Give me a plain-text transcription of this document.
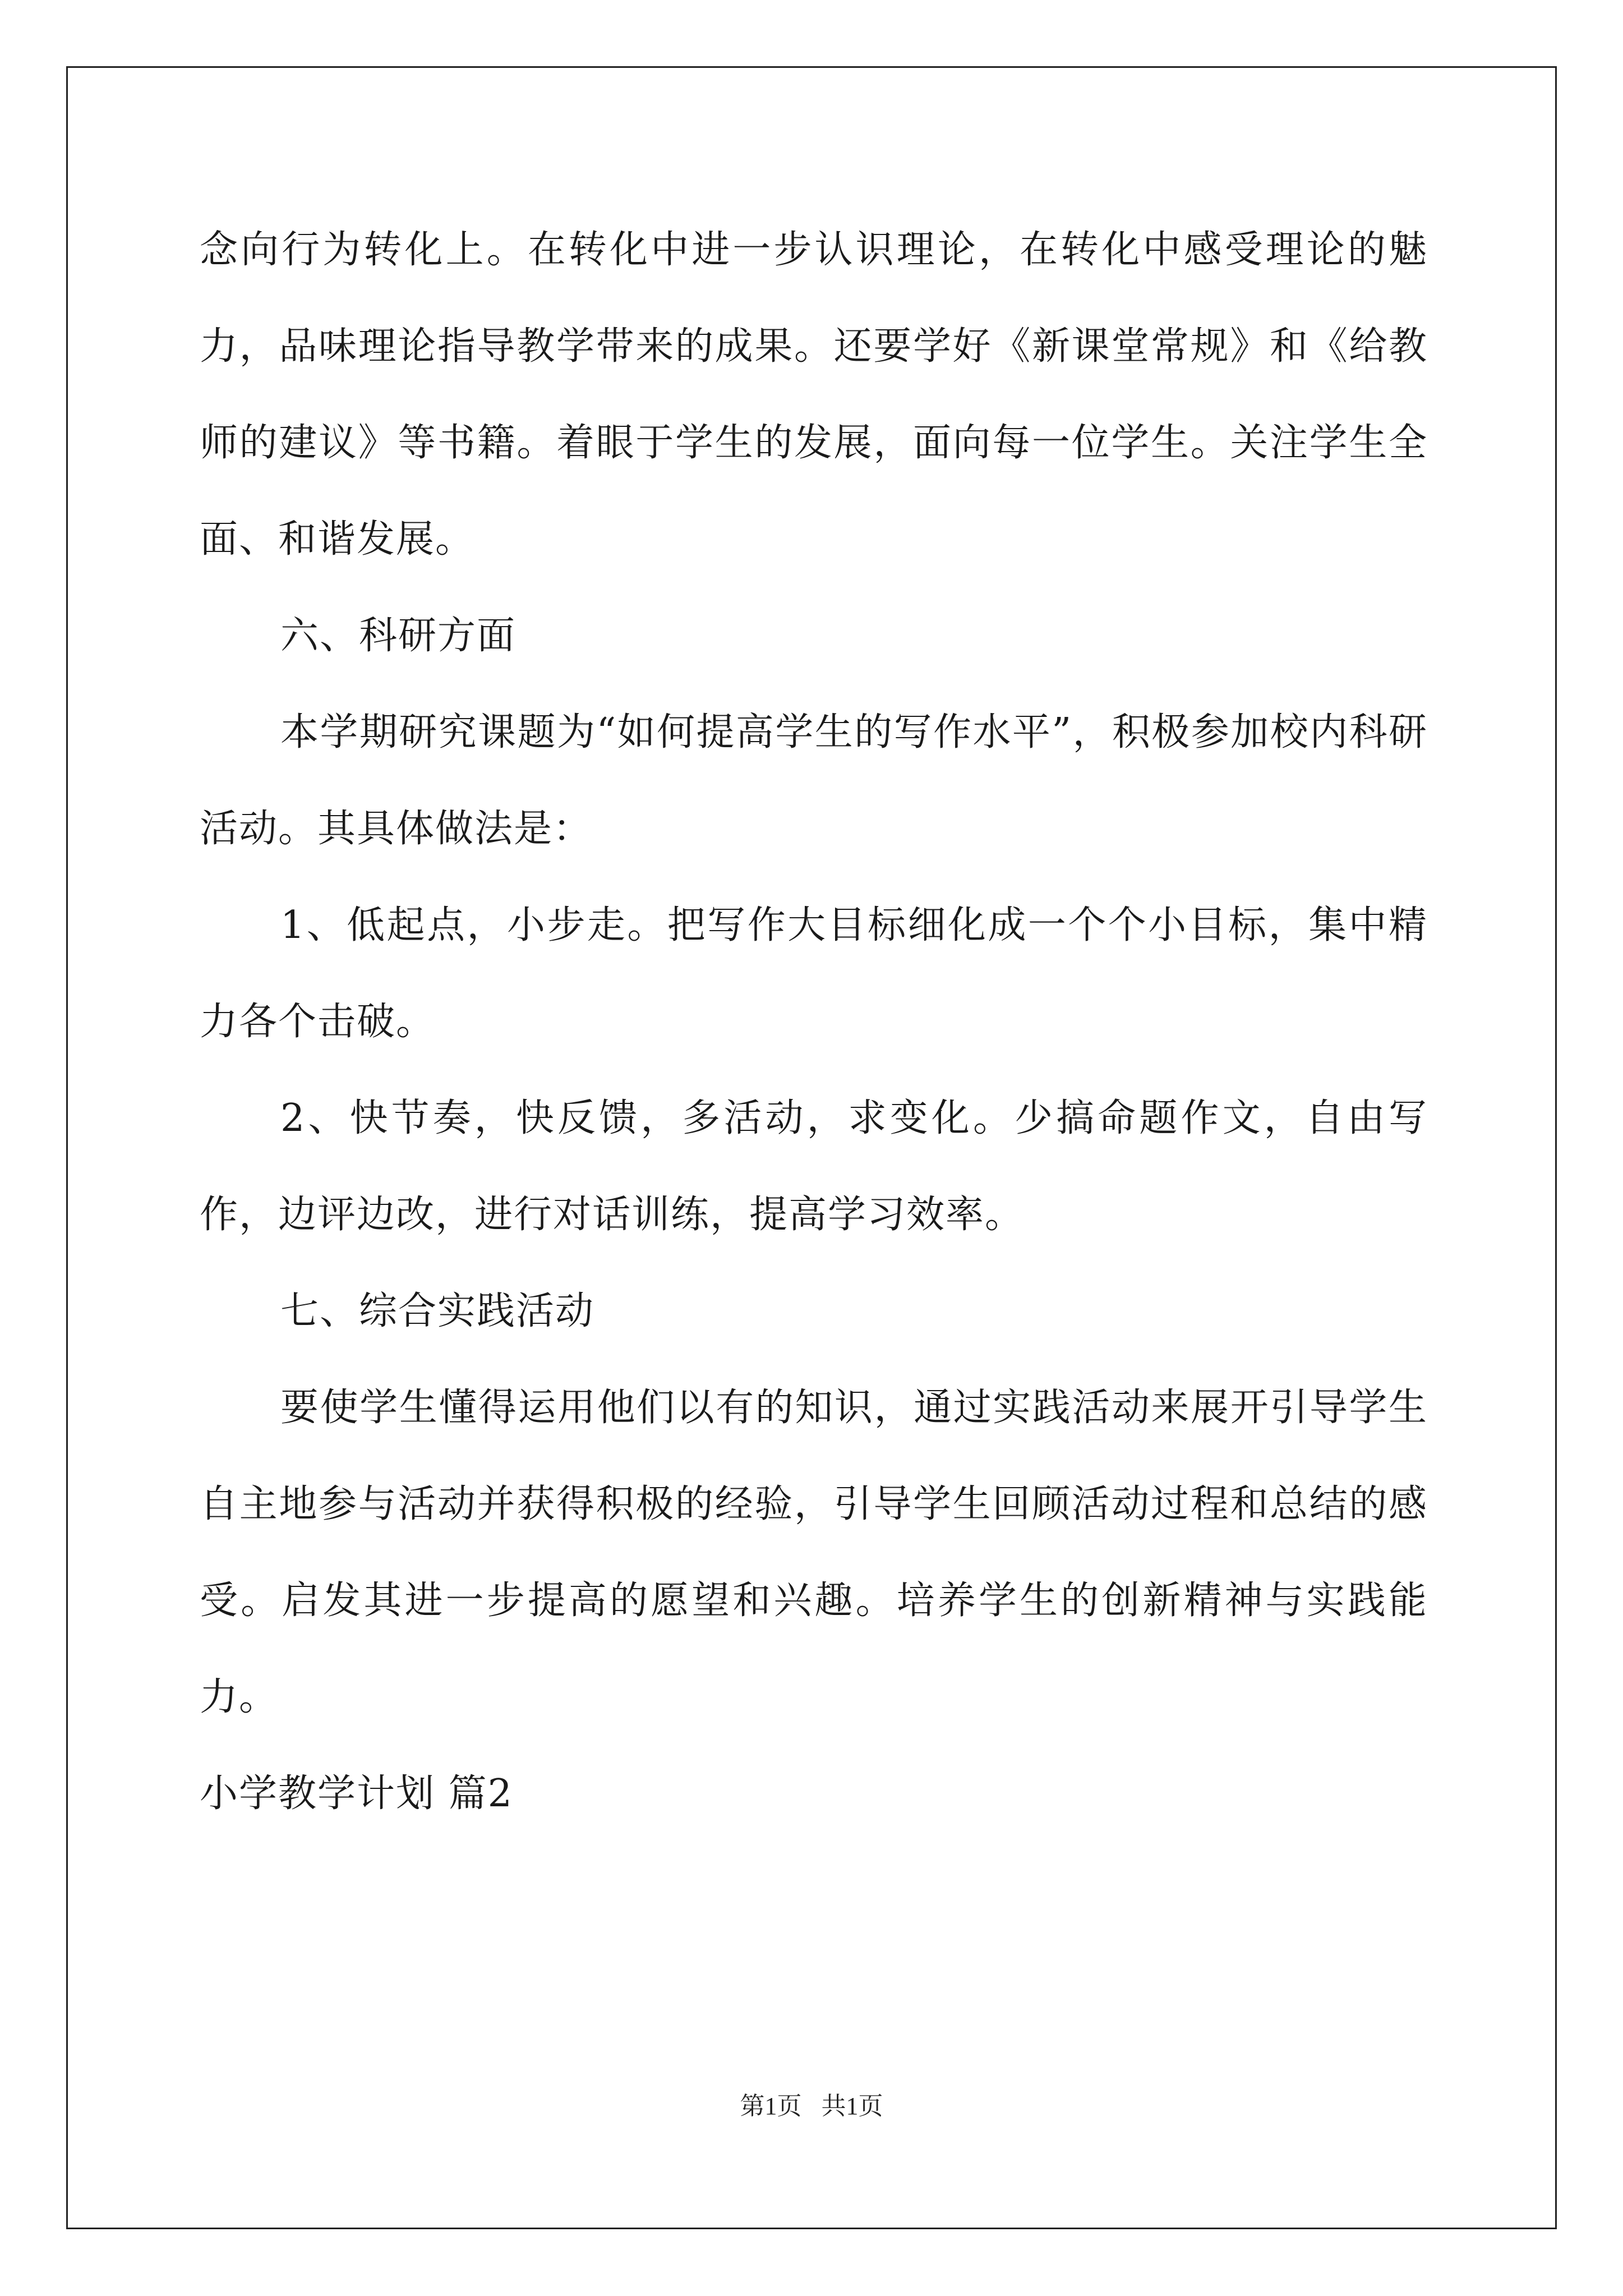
念向行为转化上。在转化中进一步认识理论，在转化中感受理论的魅力，品味理论指导教学带来的成果。还要学好《新课堂常规》和《给教师的建议》等书籍。着眼于学生的发展，面向每一位学生。关注学生全面、和谐发展。

六、科研方面

本学期研究课题为“如何提高学生的写作水平”，积极参加校内科研活动。其具体做法是：

1、低起点，小步走。把写作大目标细化成一个个小目标，集中精力各个击破。

2、快节奏，快反馈，多活动，求变化。少搞命题作文，自由写作，边评边改，进行对话训练，提高学习效率。

七、综合实践活动

要使学生懂得运用他们以有的知识，通过实践活动来展开引导学生自主地参与活动并获得积极的经验，引导学生回顾活动过程和总结的感受。启发其进一步提高的愿望和兴趣。培养学生的创新精神与实践能力。

小学教学计划 篇2

第1页 共1页
